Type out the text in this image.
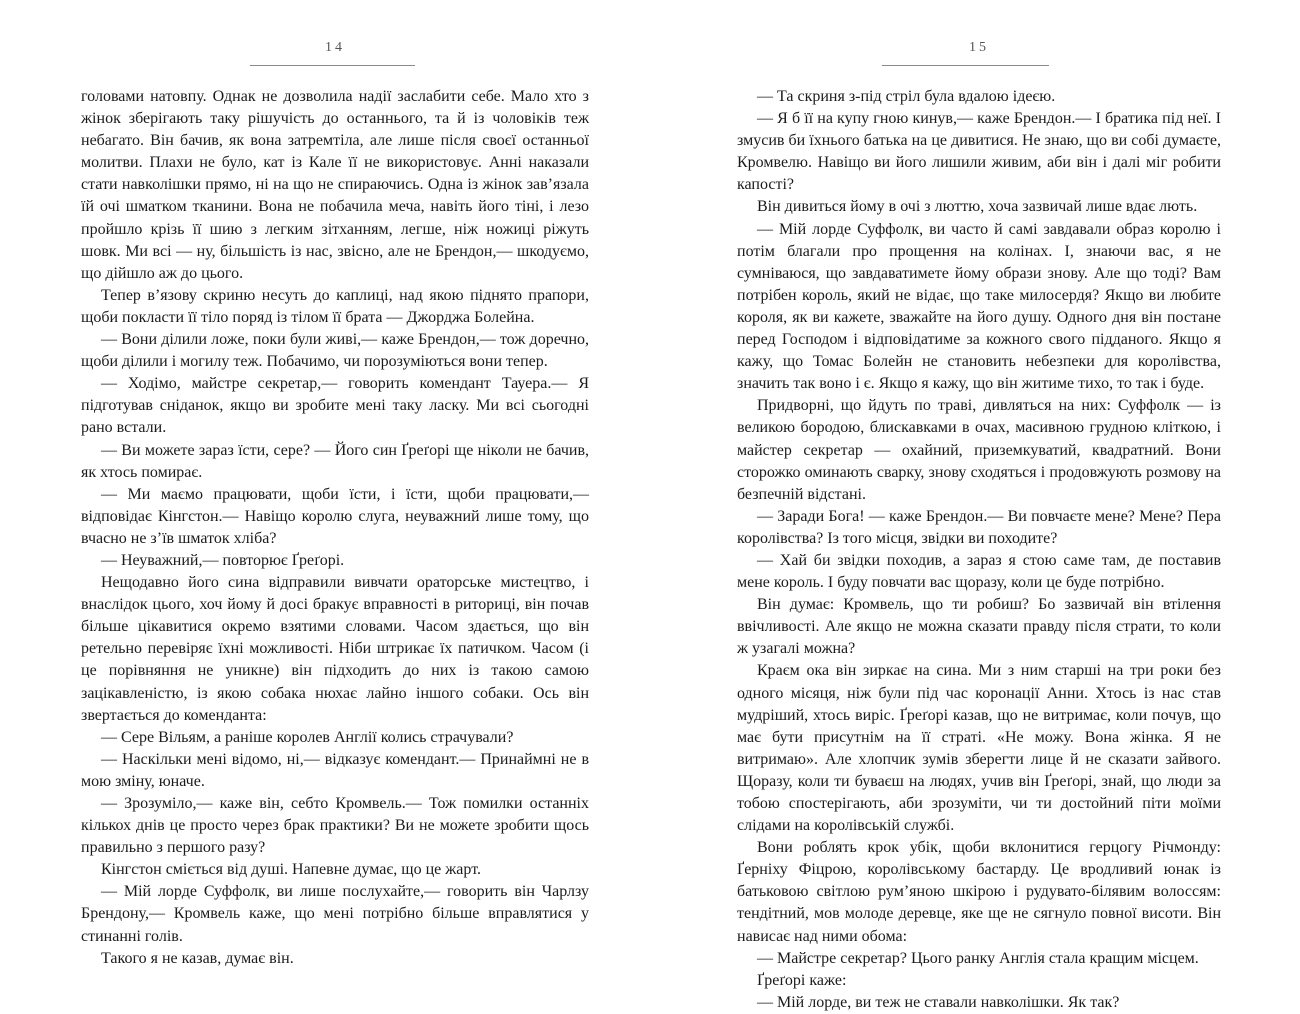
14

головами натовпу. Однак не дозволила надії заслабити себе. Мало хто з жінок зберігають таку рішучість до останнього, та й із чоловіків теж небагато. Він бачив, як вона затремтіла, але лише після своєї останньої молитви. Плахи не було, кат із Кале її не використовує. Анні наказали стати навколішки прямо, ні на що не спираючись. Одна із жінок зав’язала їй очі шматком тканини. Вона не побачила меча, навіть його тіні, і лезо пройшло крізь її шию з легким зітханням, легше, ніж ножиці ріжуть шовк. Ми всі — ну, більшість із нас, звісно, але не Брендон,— шкодуємо, що дійшло аж до цього.

Тепер в’язову скриню несуть до каплиці, над якою піднято прапори, щоби покласти її тіло поряд із тілом її брата — Джорджа Болейна.

— Вони ділили ложе, поки були живі,— каже Брендон,— тож доречно, щоби ділили і могилу теж. Побачимо, чи порозуміються вони тепер.

— Ходімо, майстре секретар,— говорить комендант Тауера.— Я підготував сніданок, якщо ви зробите мені таку ласку. Ми всі сьогодні рано встали.

— Ви можете зараз їсти, сере? — Його син Ґреґорі ще ніколи не бачив, як хтось помирає.

— Ми маємо працювати, щоби їсти, і їсти, щоби працювати,— відповідає Кінгстон.— Навіщо королю слуга, неуважний лише тому, що вчасно не з’їв шматок хліба?

— Неуважний,— повторює Ґреґорі.

Нещодавно його сина відправили вивчати ораторське мистецтво, і внаслідок цього, хоч йому й досі бракує вправності в риториці, він почав більше цікавитися окремо взятими словами. Часом здається, що він ретельно перевіряє їхні можливості. Ніби штрикає їх патичком. Часом (і це порівняння не уникне) він підходить до них із такою самою зацікавленістю, із якою собака нюхає лайно іншого собаки. Ось він звертається до коменданта:

— Сере Вільям, а раніше королев Англії колись страчували?

— Наскільки мені відомо, ні,— відказує комендант.— Принаймні не в мою зміну, юначе.

— Зрозуміло,— каже він, себто Кромвель.— Тож помилки останніх кількох днів це просто через брак практики? Ви не можете зробити щось правильно з першого разу?

Кінгстон сміється від душі. Напевне думає, що це жарт.

— Мій лорде Суффолк, ви лише послухайте,— говорить він Чарлзу Брендону,— Кромвель каже, що мені потрібно більше вправлятися у стинанні голів.

Такого я не казав, думає він.

15

— Та скриня з-під стріл була вдалою ідеєю.

— Я б її на купу гною кинув,— каже Брендон.— І братика під неї. І змусив би їхнього батька на це дивитися. Не знаю, що ви собі думаєте, Кромвелю. Навіщо ви його лишили живим, аби він і далі міг робити капості?

Він дивиться йому в очі з люттю, хоча зазвичай лише вдає лють.

— Мій лорде Суффолк, ви часто й самі завдавали образ королю і потім благали про прощення на колінах. І, знаючи вас, я не сумніваюся, що завдаватимете йому образи знову. Але що тоді? Вам потрібен король, який не відає, що таке милосердя? Якщо ви любите короля, як ви кажете, зважайте на його душу. Одного дня він постане перед Господом і відповідатиме за кожного свого підданого. Якщо я кажу, що Томас Болейн не становить небезпеки для королівства, значить так воно і є. Якщо я кажу, що він житиме тихо, то так і буде.

Придворні, що йдуть по траві, дивляться на них: Суффолк — із великою бородою, блискавками в очах, масивною грудною кліткою, і майстер секретар — охайний, приземкуватий, квадратний. Вони сторожко оминають сварку, знову сходяться і продовжують розмову на безпечній відстані.

— Заради Бога! — каже Брендон.— Ви повчаєте мене? Мене? Пера королівства? Із того місця, звідки ви походите?

— Хай би звідки походив, а зараз я стою саме там, де поставив мене король. І буду повчати вас щоразу, коли це буде потрібно.

Він думає: Кромвель, що ти робиш? Бо зазвичай він втілення ввічливості. Але якщо не можна сказати правду після страти, то коли ж узагалі можна?

Краєм ока він зиркає на сина. Ми з ним старші на три роки без одного місяця, ніж були під час коронації Анни. Хтось із нас став мудріший, хтось виріс. Ґреґорі казав, що не витримає, коли почув, що має бути присутнім на її страті. «Не можу. Вона жінка. Я не витримаю». Але хлопчик зумів зберегти лице й не сказати зайвого. Щоразу, коли ти буваєш на людях, учив він Ґреґорі, знай, що люди за тобою спостерігають, аби зрозуміти, чи ти достойний піти моїми слідами на королівській службі.

Вони роблять крок убік, щоби вклонитися герцогу Річмонду: Ґерніху Фіцрою, королівському бастарду. Це вродливий юнак із батьковою світлою рум’яною шкірою і рудувато-білявим волоссям: тендітний, мов молоде деревце, яке ще не сягнуло повної висоти. Він нависає над ними обома:

— Майстре секретар? Цього ранку Англія стала кращим місцем.

Ґреґорі каже:

— Мій лорде, ви теж не ставали навколішки. Як так?
